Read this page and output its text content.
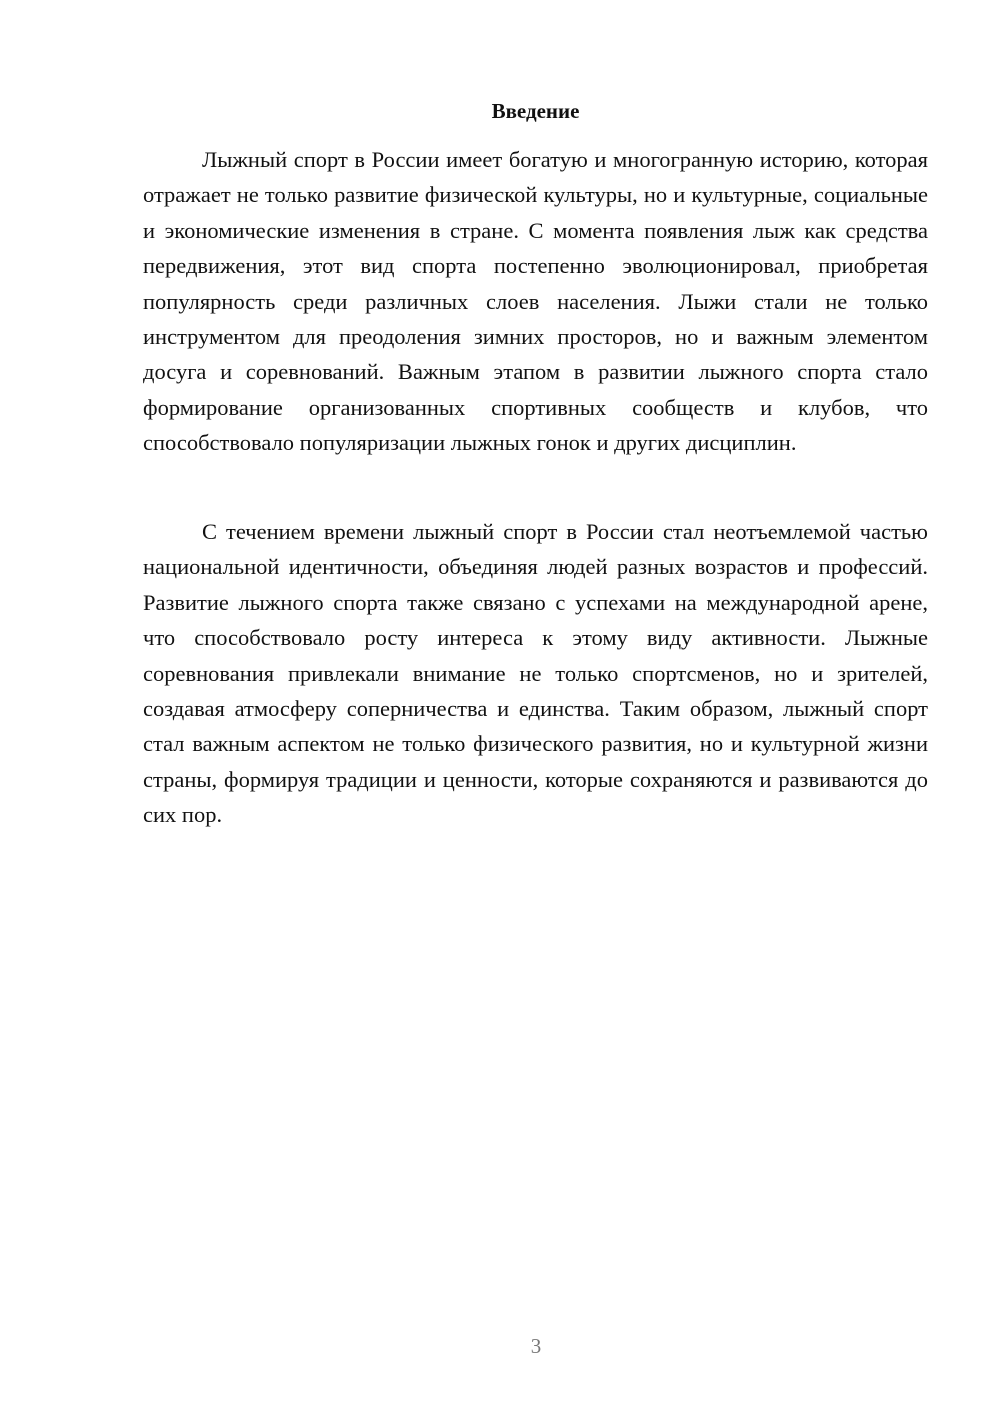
Введение

Лыжный спорт в России имеет богатую и многогранную историю, которая отражает не только развитие физической культуры, но и культурные, социальные и экономические изменения в стране. С момента появления лыж как средства передвижения, этот вид спорта постепенно эволюционировал, приобретая популярность среди различных слоев населения. Лыжи стали не только инструментом для преодоления зимних просторов, но и важным элементом досуга и соревнований. Важным этапом в развитии лыжного спорта стало формирование организованных спортивных сообществ и клубов, что способствовало популяризации лыжных гонок и других дисциплин.

С течением времени лыжный спорт в России стал неотъемлемой частью национальной идентичности, объединяя людей разных возрастов и профессий. Развитие лыжного спорта также связано с успехами на международной арене, что способствовало росту интереса к этому виду активности. Лыжные соревнования привлекали внимание не только спортсменов, но и зрителей, создавая атмосферу соперничества и единства. Таким образом, лыжный спорт стал важным аспектом не только физического развития, но и культурной жизни страны, формируя традиции и ценности, которые сохраняются и развиваются до сих пор.

3
